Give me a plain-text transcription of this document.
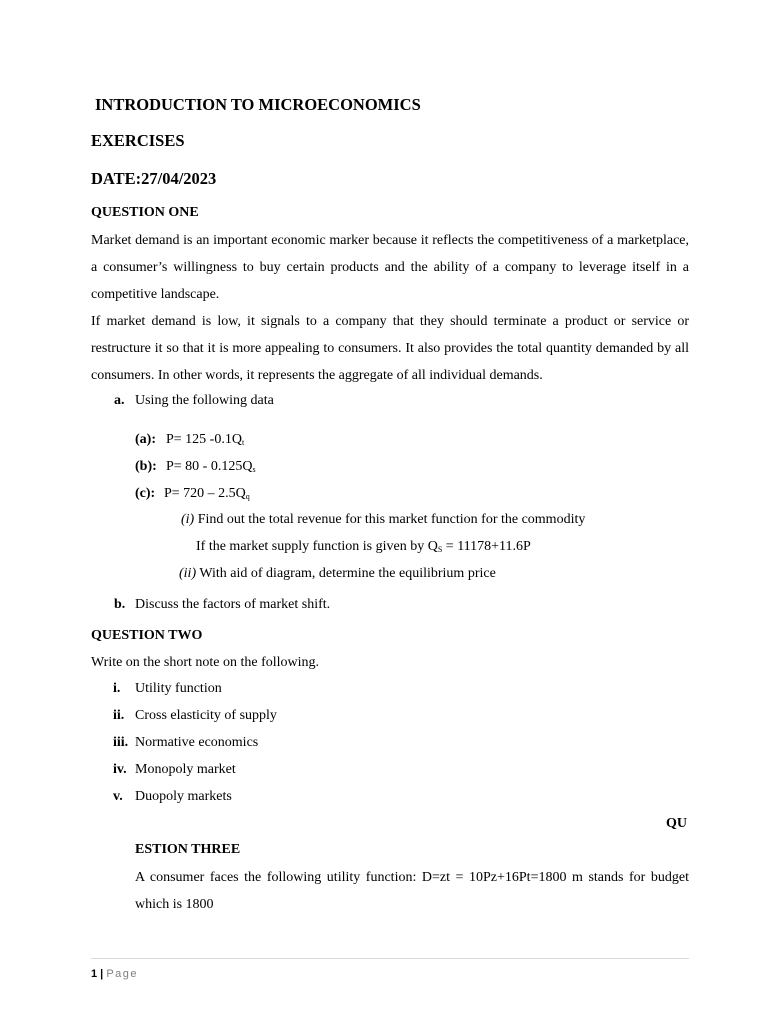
INTRODUCTION TO MICROECONOMICS
EXERCISES
DATE:27/04/2023
QUESTION ONE
Market demand is an important economic marker because it reflects the competitiveness of a marketplace, a consumer’s willingness to buy certain products and the ability of a company to leverage itself in a competitive landscape.
If market demand is low, it signals to a company that they should terminate a product or service or restructure it so that it is more appealing to consumers. It also provides the total quantity demanded by all consumers. In other words, it represents the aggregate of all individual demands.
a. Using the following data
(a): P= 125 $-0.1Q_t$
(b): $P= 80 - 0.125Q_s$
(c): $P= 720 - 2.5Q_q$
(i) Find out the total revenue for this market function for the commodity
If the market supply function is given by $Q_S = 11178+11.6P$
(ii) With aid of diagram, determine the equilibrium price
b. Discuss the factors of market shift.
QUESTION TWO
Write on the short note on the following.
i. Utility function
ii. Cross elasticity of supply
iii. Normative economics
iv. Monopoly market
v. Duopoly markets
QU
ESTION THREE
A consumer faces the following utility function: D=zt = 10Pz+16Pt=1800 m stands for budget which is 1800
1 | Page
